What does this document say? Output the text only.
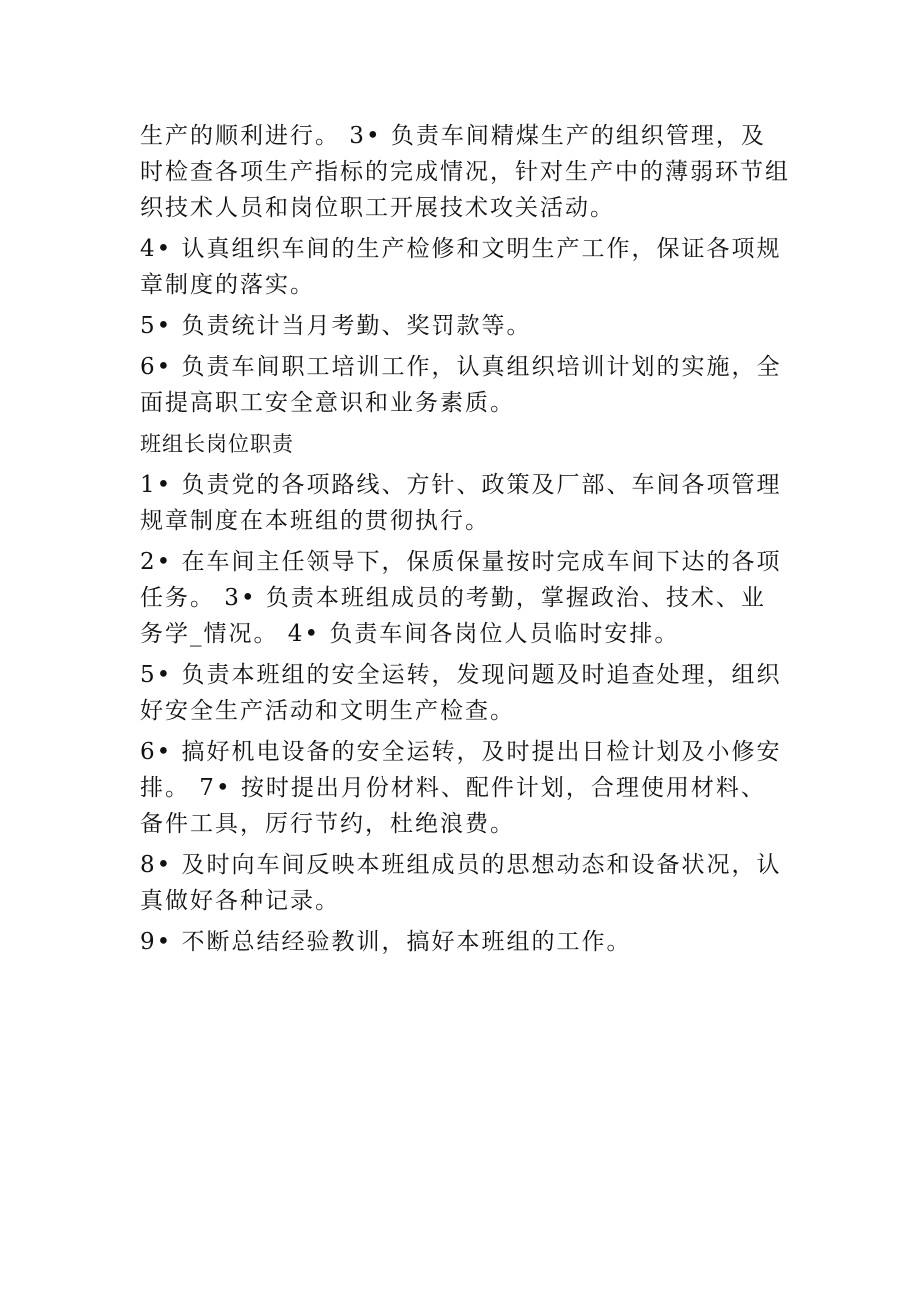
生产的顺利进行。 3• 负责车间精煤生产的组织管理，及
时检查各项生产指标的完成情况，针对生产中的薄弱环节组
织技术人员和岗位职工开展技术攻关活动。
4• 认真组织车间的生产检修和文明生产工作，保证各项规
章制度的落实。
5• 负责统计当月考勤、奖罚款等。
6• 负责车间职工培训工作，认真组织培训计划的实施，全
面提高职工安全意识和业务素质。
班组长岗位职责
1• 负责党的各项路线、方针、政策及厂部、车间各项管理
规章制度在本班组的贯彻执行。
2• 在车间主任领导下，保质保量按时完成车间下达的各项
任务。 3• 负责本班组成员的考勤，掌握政治、技术、业
务学_情况。 4• 负责车间各岗位人员临时安排。
5• 负责本班组的安全运转，发现问题及时追查处理，组织
好安全生产活动和文明生产检查。
6• 搞好机电设备的安全运转，及时提出日检计划及小修安
排。 7• 按时提出月份材料、配件计划，合理使用材料、
备件工具，厉行节约，杜绝浪费。
8• 及时向车间反映本班组成员的思想动态和设备状况，认
真做好各种记录。
9• 不断总结经验教训，搞好本班组的工作。
